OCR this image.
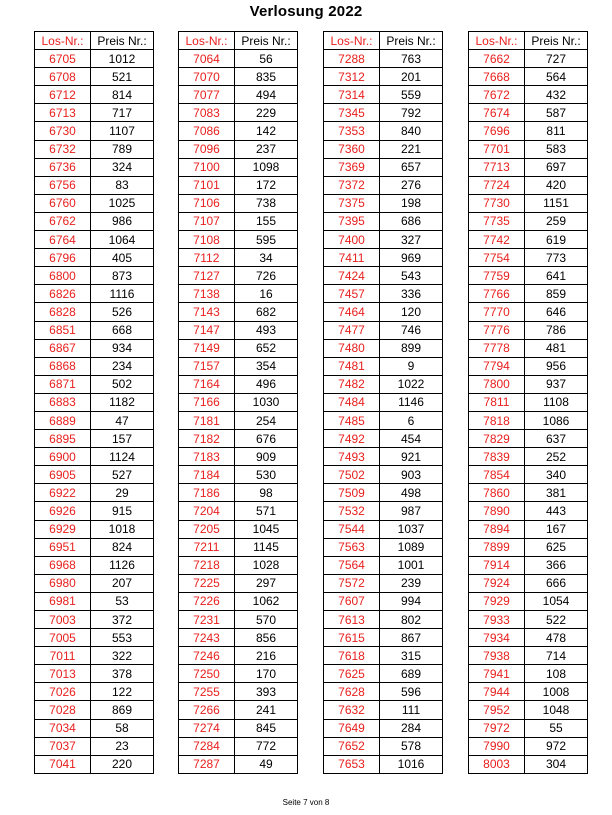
Verlosung 2022
Los-Nr.:	Preis Nr.:
6705	1012
6708	521
6712	814
6713	717
6730	1107
6732	789
6736	324
6756	83
6760	1025
6762	986
6764	1064
6796	405
6800	873
6826	1116
6828	526
6851	668
6867	934
6868	234
6871	502
6883	1182
6889	47
6895	157
6900	1124
6905	527
6922	29
6926	915
6929	1018
6951	824
6968	1126
6980	207
6981	53
7003	372
7005	553
7011	322
7013	378
7026	122
7028	869
7034	58
7037	23
7041	220
Los-Nr.:	Preis Nr.:
7064	56
7070	835
7077	494
7083	229
7086	142
7096	237
7100	1098
7101	172
7106	738
7107	155
7108	595
7112	34
7127	726
7138	16
7143	682
7147	493
7149	652
7157	354
7164	496
7166	1030
7181	254
7182	676
7183	909
7184	530
7186	98
7204	571
7205	1045
7211	1145
7218	1028
7225	297
7226	1062
7231	570
7243	856
7246	216
7250	170
7255	393
7266	241
7274	845
7284	772
7287	49
Los-Nr.:	Preis Nr.:
7288	763
7312	201
7314	559
7345	792
7353	840
7360	221
7369	657
7372	276
7375	198
7395	686
7400	327
7411	969
7424	543
7457	336
7464	120
7477	746
7480	899
7481	9
7482	1022
7484	1146
7485	6
7492	454
7493	921
7502	903
7509	498
7532	987
7544	1037
7563	1089
7564	1001
7572	239
7607	994
7613	802
7615	867
7618	315
7625	689
7628	596
7632	111
7649	284
7652	578
7653	1016
Los-Nr.:	Preis Nr.:
7662	727
7668	564
7672	432
7674	587
7696	811
7701	583
7713	697
7724	420
7730	1151
7735	259
7742	619
7754	773
7759	641
7766	859
7770	646
7776	786
7778	481
7794	956
7800	937
7811	1108
7818	1086
7829	637
7839	252
7854	340
7860	381
7890	443
7894	167
7899	625
7914	366
7924	666
7929	1054
7933	522
7934	478
7938	714
7941	108
7944	1008
7952	1048
7972	55
7990	972
8003	304
Seite 7 von 8
